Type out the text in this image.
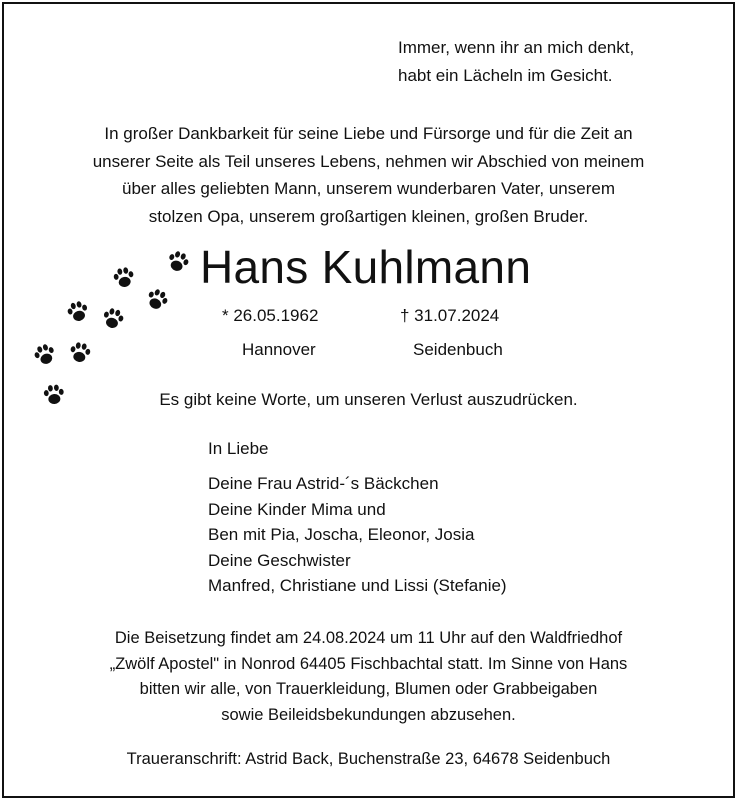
Immer, wenn ihr an mich denkt,
habt ein Lächeln im Gesicht.
In großer Dankbarkeit für seine Liebe und Fürsorge und für die Zeit an
unserer Seite als Teil unseres Lebens, nehmen wir Abschied von meinem
über alles geliebten Mann, unserem wunderbaren Vater, unserem
stolzen Opa, unserem großartigen kleinen, großen Bruder.
Hans Kuhlmann
* 26.05.1962	† 31.07.2024
Hannover	Seidenbuch
Es gibt keine Worte, um unseren Verlust auszudrücken.
In Liebe
Deine Frau Astrid-´s Bäckchen
Deine Kinder Mima und
Ben mit Pia, Joscha, Eleonor, Josia
Deine Geschwister
Manfred, Christiane und Lissi (Stefanie)
Die Beisetzung findet am 24.08.2024 um 11 Uhr auf den Waldfriedhof
„Zwölf Apostel" in Nonrod 64405 Fischbachtal statt. Im Sinne von Hans
bitten wir alle, von Trauerkleidung, Blumen oder Grabbeigaben
sowie Beileidsbekundungen abzusehen.
Traueranschrift: Astrid Back, Buchenstraße 23, 64678 Seidenbuch
